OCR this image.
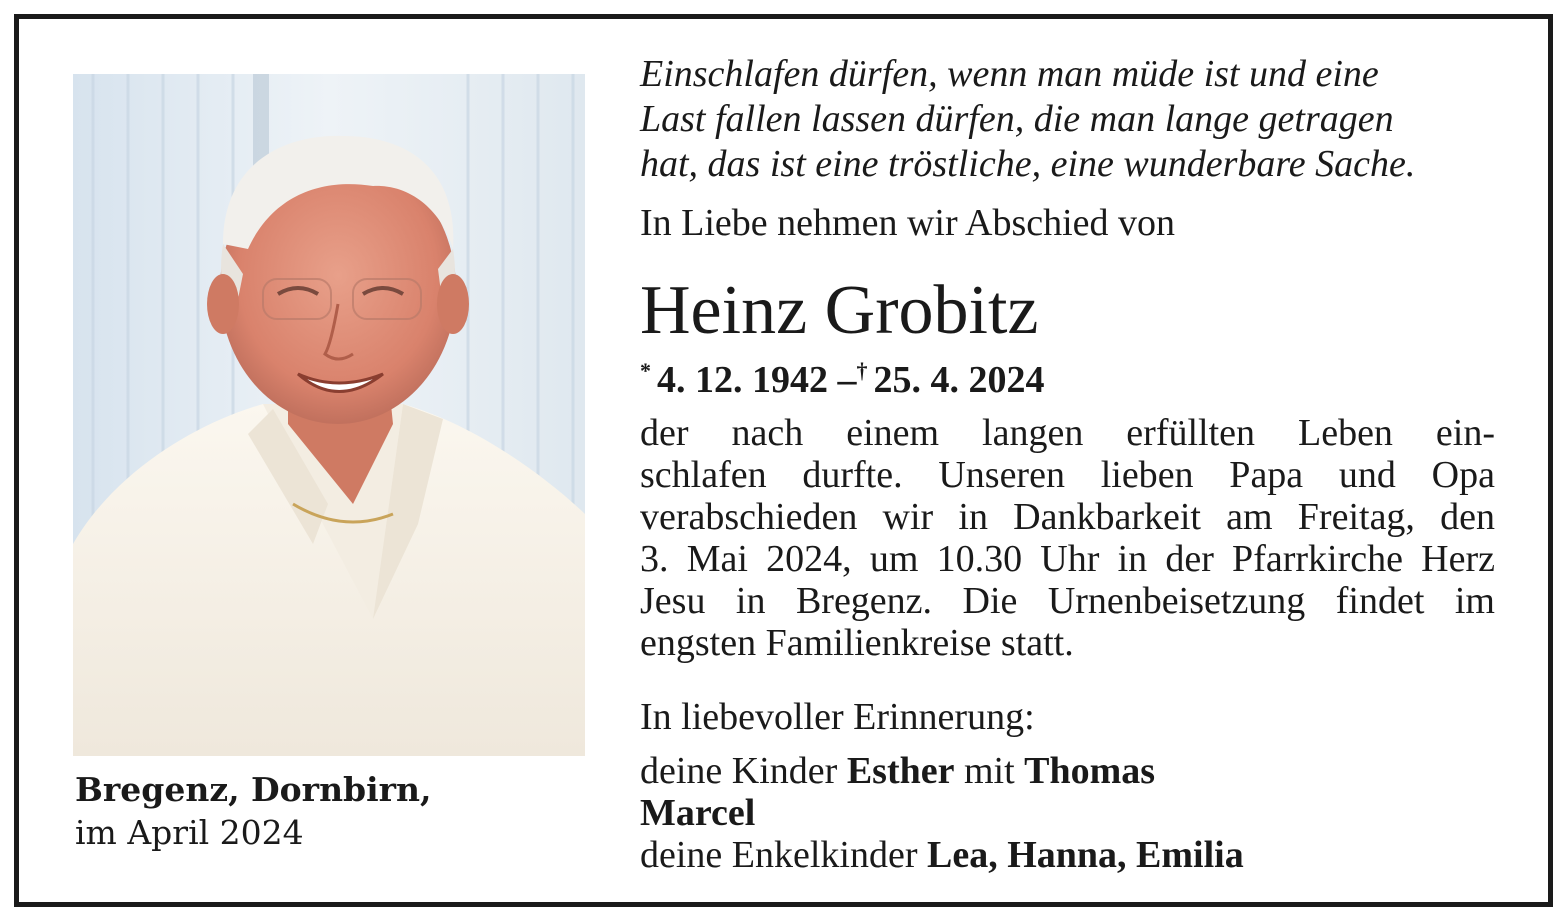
Bregenz, Dornbirn,
im April 2024
Einschlafen dürfen, wenn man müde ist und eine
Last fallen lassen dürfen, die man lange getragen
hat, das ist eine tröstliche, eine wunderbare Sache.
In Liebe nehmen wir Abschied von
Heinz Grobitz
* 4. 12. 1942 –† 25. 4. 2024
der nach einem langen erfüllten Leben ein-
schlafen durfte. Unseren lieben Papa und Opa
verabschieden wir in Dankbarkeit am Freitag, den
3. Mai 2024, um 10.30 Uhr in der Pfarrkirche Herz
Jesu in Bregenz. Die Urnenbeisetzung findet im
engsten Familienkreise statt.
In liebevoller Erinnerung:
deine Kinder Esther mit Thomas
Marcel
deine Enkelkinder Lea, Hanna, Emilia
